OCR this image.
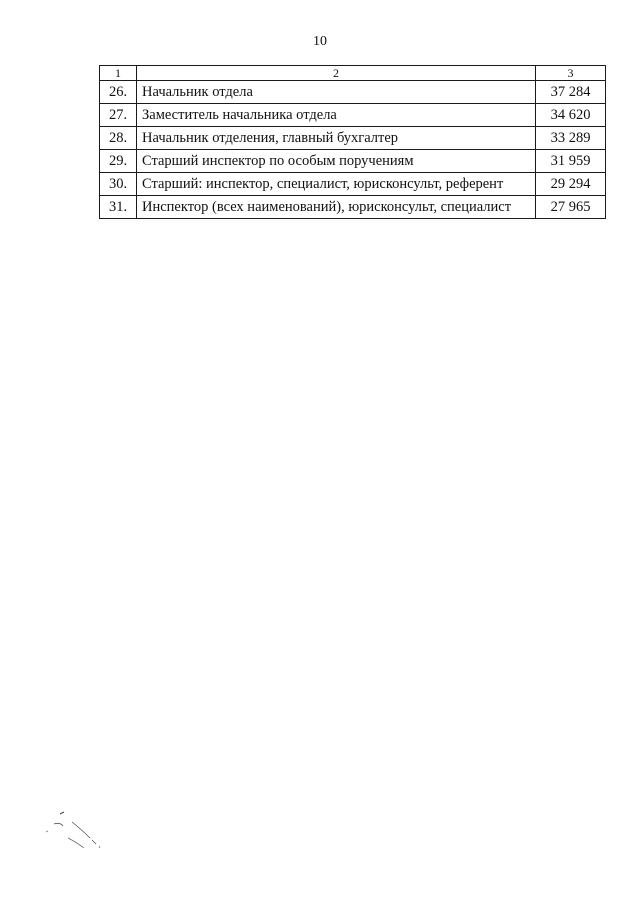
10
1	2	3
26.	Начальник отдела	37 284
27.	Заместитель начальника отдела	34 620
28.	Начальник отделения, главный бухгалтер	33 289
29.	Старший инспектор по особым поручениям	31 959
30.	Старший: инспектор, специалист, юрисконсульт, референт	29 294
31.	Инспектор (всех наименований), юрисконсульт, специалист	27 965
